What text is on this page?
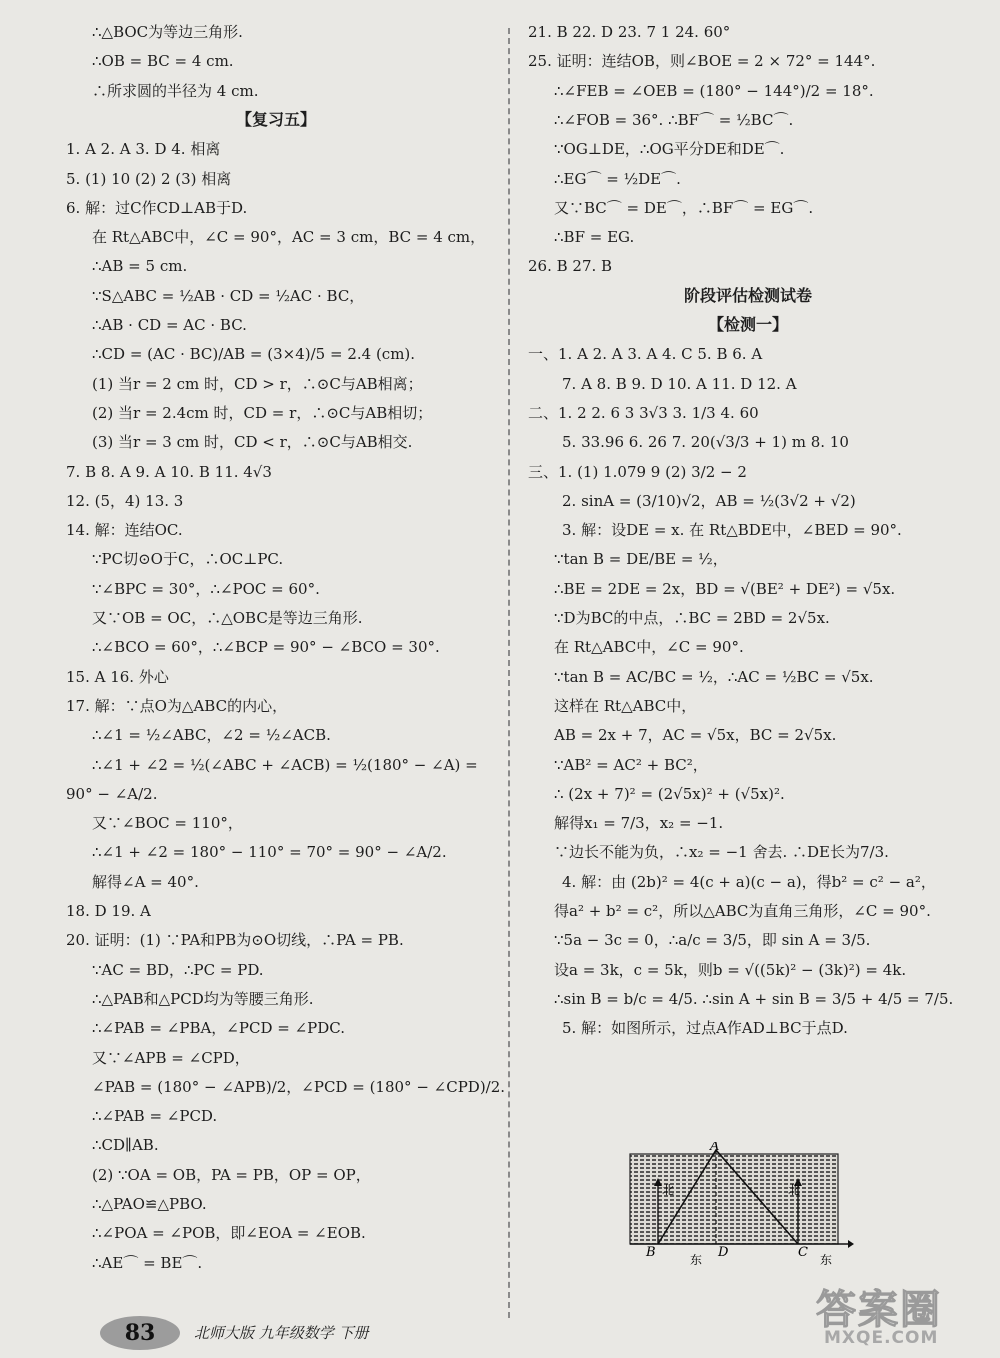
∴△BOC为等边三角形.
∴OB = BC = 4 cm.
∴所求圆的半径为 4 cm.
【复习五】
1. A 2. A 3. D 4. 相离
5. (1) 10 (2) 2 (3) 相离
6. 解：过C作CD⊥AB于D.
在 Rt△ABC中，∠C = 90°，AC = 3 cm，BC = 4 cm，
∴AB = 5 cm.
∵S△ABC = ½AB · CD = ½AC · BC，
∴AB · CD = AC · BC.
∴CD = (AC · BC)/AB = (3×4)/5 = 2.4 (cm).
(1) 当r = 2 cm 时，CD > r，∴⊙C与AB相离；
(2) 当r = 2.4cm 时，CD = r，∴⊙C与AB相切；
(3) 当r = 3 cm 时，CD < r，∴⊙C与AB相交.
7. B 8. A 9. A 10. B 11. 4√3
12. (5，4) 13. 3
14. 解：连结OC.
∵PC切⊙O于C，∴OC⊥PC.
∵∠BPC = 30°，∴∠POC = 60°.
又∵OB = OC，∴△OBC是等边三角形.
∴∠BCO = 60°，∴∠BCP = 90° − ∠BCO = 30°.
15. A 16. 外心
17. 解：∵点O为△ABC的内心，
∴∠1 = ½∠ABC，∠2 = ½∠ACB.
∴∠1 + ∠2 = ½(∠ABC + ∠ACB) = ½(180° − ∠A) =
90° − ∠A/2.
又∵∠BOC = 110°，
∴∠1 + ∠2 = 180° − 110° = 70° = 90° − ∠A/2.
解得∠A = 40°.
18. D 19. A
20. 证明：(1) ∵PA和PB为⊙O切线，∴PA = PB.
∵AC = BD，∴PC = PD.
∴△PAB和△PCD均为等腰三角形.
∴∠PAB = ∠PBA，∠PCD = ∠PDC.
又∵∠APB = ∠CPD，
∠PAB = (180° − ∠APB)/2，∠PCD = (180° − ∠CPD)/2.
∴∠PAB = ∠PCD.
∴CD∥AB.
(2) ∵OA = OB，PA = PB，OP = OP，
∴△PAO≌△PBO.
∴∠POA = ∠POB，即∠EOA = ∠EOB.
∴AE⌒ = BE⌒.
21. B 22. D 23. 7 1 24. 60°
25. 证明：连结OB，则∠BOE = 2 × 72° = 144°.
∴∠FEB = ∠OEB = (180° − 144°)/2 = 18°.
∴∠FOB = 36°. ∴BF⌒ = ½BC⌒.
∵OG⊥DE，∴OG平分DE和DE⌒.
∴EG⌒ = ½DE⌒.
又∵BC⌒ = DE⌒，∴BF⌒ = EG⌒.
∴BF = EG.
26. B 27. B
阶段评估检测试卷
【检测一】
一、1. A 2. A 3. A 4. C 5. B 6. A
7. A 8. B 9. D 10. A 11. D 12. A
二、1. 2 2. 6 3 3√3 3. 1/3 4. 60
5. 33.96 6. 26 7. 20(√3/3 + 1) m 8. 10
三、1. (1) 1.079 9 (2) 3/2 − 2
2. sinA = (3/10)√2，AB = ½(3√2 + √2)
3. 解：设DE = x. 在 Rt△BDE中，∠BED = 90°.
∵tan B = DE/BE = ½，
∴BE = 2DE = 2x，BD = √(BE² + DE²) = √5x.
∵D为BC的中点，∴BC = 2BD = 2√5x.
在 Rt△ABC中，∠C = 90°.
∵tan B = AC/BC = ½，∴AC = ½BC = √5x.
这样在 Rt△ABC中，
AB = 2x + 7，AC = √5x，BC = 2√5x.
∵AB² = AC² + BC²，
∴ (2x + 7)² = (2√5x)² + (√5x)².
解得x₁ = 7/3，x₂ = −1.
∵边长不能为负，∴x₂ = −1 舍去. ∴DE长为7/3.
4. 解：由 (2b)² = 4(c + a)(c − a)，得b² = c² − a²，
得a² + b² = c²，所以△ABC为直角三角形，∠C = 90°.
∵5a − 3c = 0，∴a/c = 3/5，即 sin A = 3/5.
设a = 3k，c = 5k，则b = √((5k)² − (3k)²) = 4k.
∴sin B = b/c = 4/5. ∴sin A + sin B = 3/5 + 4/5 = 7/5.
5. 解：如图所示，过点A作AD⊥BC于点D.
A
B	C
D
北	北
东	东
83	北师大版 九年级数学 下册	答案圈
MXQE.COM
